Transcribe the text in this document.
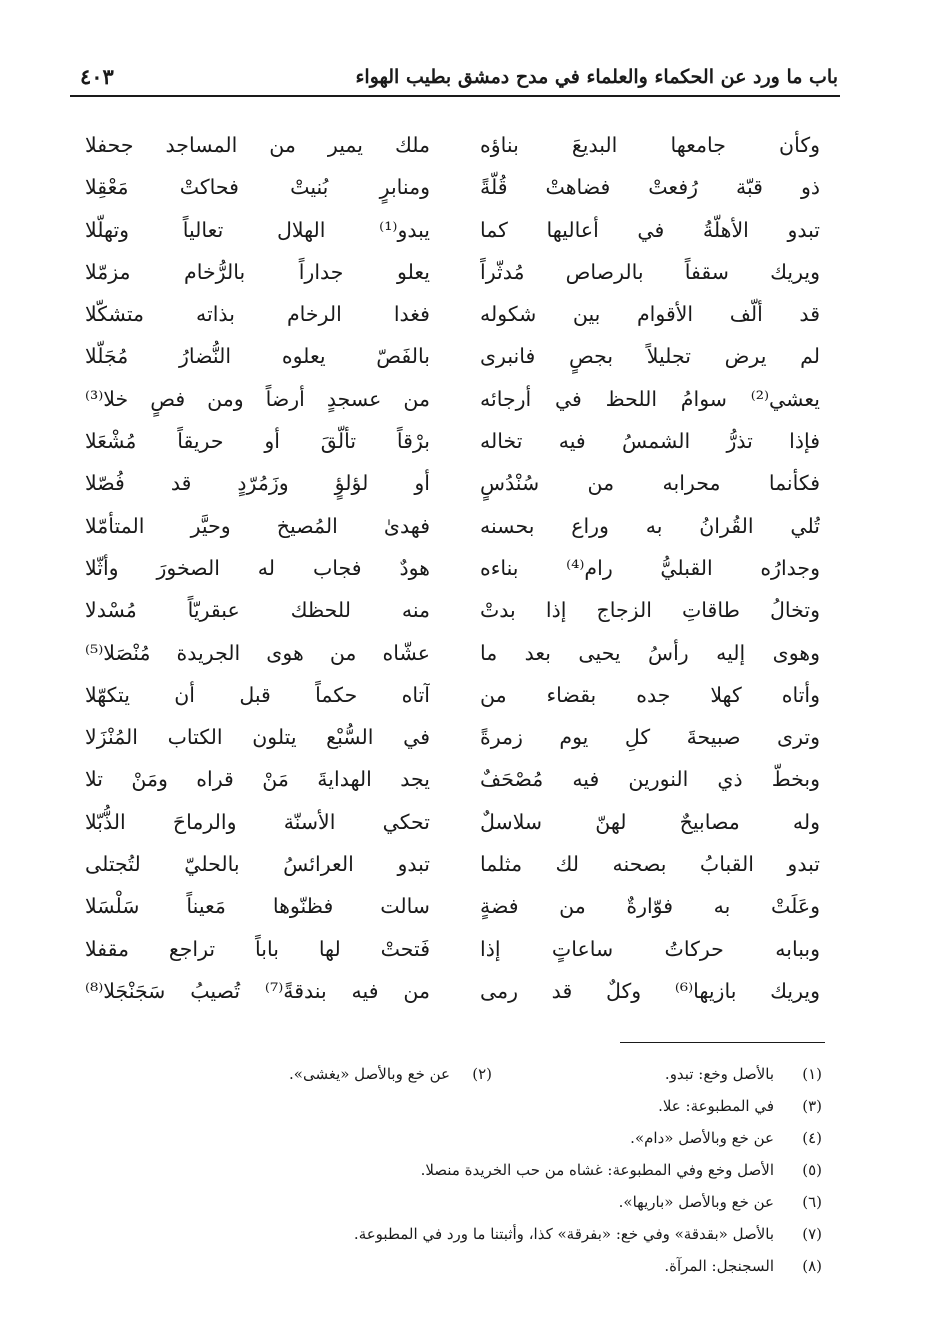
باب ما ورد عن الحكماء والعلماء في مدح دمشق بطيب الهواء
٤٠٣
وكأن جامعها البديعَ بناؤه
ملك يمير من المساجد جحفلا
ذو قبّة رُفعتْ فضاهتْ قُلّةً
ومنابرٍ بُنيتْ فحاكتْ مَعْقِلا
تبدو الأهلّةُ في أعاليها كما
يبدو⁽¹⁾ الهلال تعالياً وتهلّلا
ويريك سقفاً بالرصاص مُدثّراً
يعلو جداراً بالرُّخام مزمّلا
قد ألّف الأقوام بين شكوله
فغدا الرخام بذاته متشكّلا
لم يرض تجليلاً بجصٍ فانبرى
بالفَصّ يعلوه النُّضارُ مُجَلّلا
يعشي⁽²⁾ سوامُ اللحظ في أرجائه
من عسجدٍ أرضاً ومن فصٍ خلا⁽³⁾
فإذا تذرُّ الشمسُ فيه تخاله
برْقاً تألّقَ أو حريقاً مُشْعَلا
فكأنما محرابه من سُنْدُسٍ
أو لؤلؤٍ وزَمُرّدٍ قد فُصّلا
تُلي القُرانُ به وراع بحسنه
فهدىٰ المُصيخ وحيَّر المتأمّلا
وجدارُه القبليُّ رام⁽⁴⁾ بناءه
هودٌ فجاب له الصخورَ وأثّلا
وتخالُ طاقاتِ الزجاج إذا بدتْ
منه للحظك عبقريّاً مُسْدلا
وهوى إليه رأسُ يحيى بعد ما
عشّاه من هوى الجريدة مُنْصَلا⁽⁵⁾
وأتاه كهلا جده بقضاء من
آتاه حكماً قبل أن يتكهّلا
وترى صبيحةَ كلِ يوم زمرةً
في السُّبْع يتلون الكتاب المُنْزَلا
وبخطّ ذي النورين فيه مُصْحَفٌ
يجد الهدايةَ مَنْ قراه ومَنْ تلا
وله مصابيحٌ لهنّ سلاسلٌ
تحكي الأسنّة والرماحَ الذُّبّلا
تبدو القبابُ بصحنه لك مثلما
تبدو العرائسُ بالحليّ لتُجتلى
وعَلَتْ به فوّارةٌ من فضةٍ
سالت فظنّوها مَعيناً سَلْسَلا
وببابه حركاتُ ساعاتٍ إذا
فَتحتْ لها باباً تراجع مقفلا
ويريك بازيها⁽⁶⁾ وكلٌ قد رمى
من فيه بندقةً⁽⁷⁾ تُصيبُ سَجَنْجَلا⁽⁸⁾
(١)
بالأصل وخع: تبدو.
(٢)
عن خع وبالأصل «يغشى».
(٣)
في المطبوعة: علا.
(٤)
عن خع وبالأصل «دام».
(٥)
الأصل وخع وفي المطبوعة: غشاه من حب الخريدة منصلا.
(٦)
عن خع وبالأصل «باريها».
(٧)
بالأصل «بقدقة» وفي خع: «بفرقة» كذا، وأثبتنا ما ورد في المطبوعة.
(٨)
السجنجل: المرآة.
